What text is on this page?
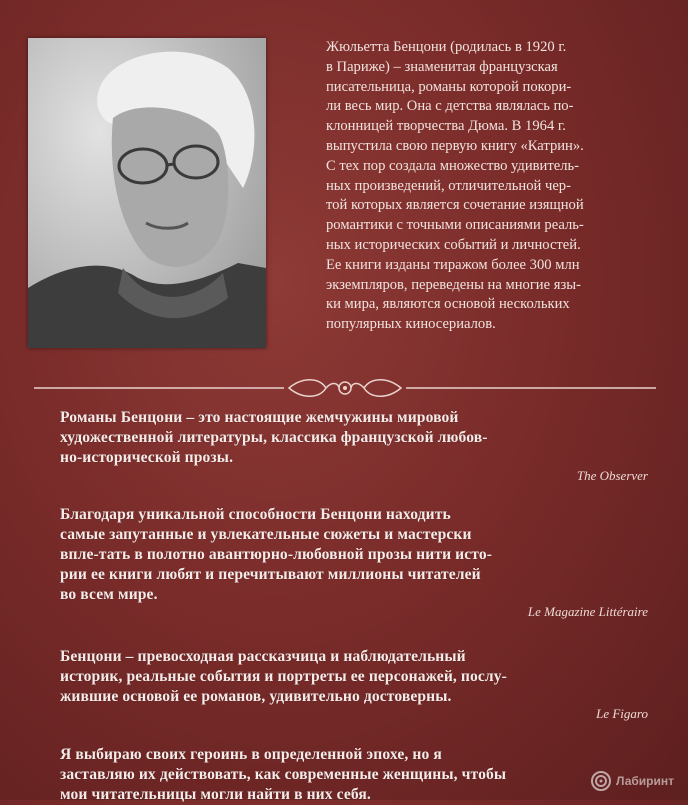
Жюльетта Бенцони (родилась в 1920 г.
в Париже) – знаменитая французская
писательница, романы которой покори-
ли весь мир. Она с детства являлась по-
клонницей творчества Дюма. В 1964 г.
выпустила свою первую книгу «Катрин».
С тех пор создала множество удивитель-
ных произведений, отличительной чер-
той которых является сочетание изящной
романтики с точными описаниями реаль-
ных исторических событий и личностей.
Ее книги изданы тиражом более 300 млн
экземпляров, переведены на многие язы-
ки мира, являются основой нескольких
популярных киносериалов.
Романы Бенцони – это настоящие жемчужины мировой
художественной литературы, классика французской любов-
но-исторической прозы.
The Observer
Благодаря уникальной способности Бенцони находить
самые запутанные и увлекательные сюжеты и мастерски
впле-тать в полотно авантюрно-любовной прозы нити исто-
рии ее книги любят и перечитывают миллионы читателей
во всем мире.
Le Magazine Littéraire
Бенцони – превосходная рассказчица и наблюдательный
историк, реальные события и портреты ее персонажей, послу-
жившие основой ее романов, удивительно достоверны.
Le Figaro
Я выбираю своих героинь в определенной эпохе, но я
заставляю их действовать, как современные женщины, чтобы
мои читательницы могли найти в них себя.
Лабиринт
